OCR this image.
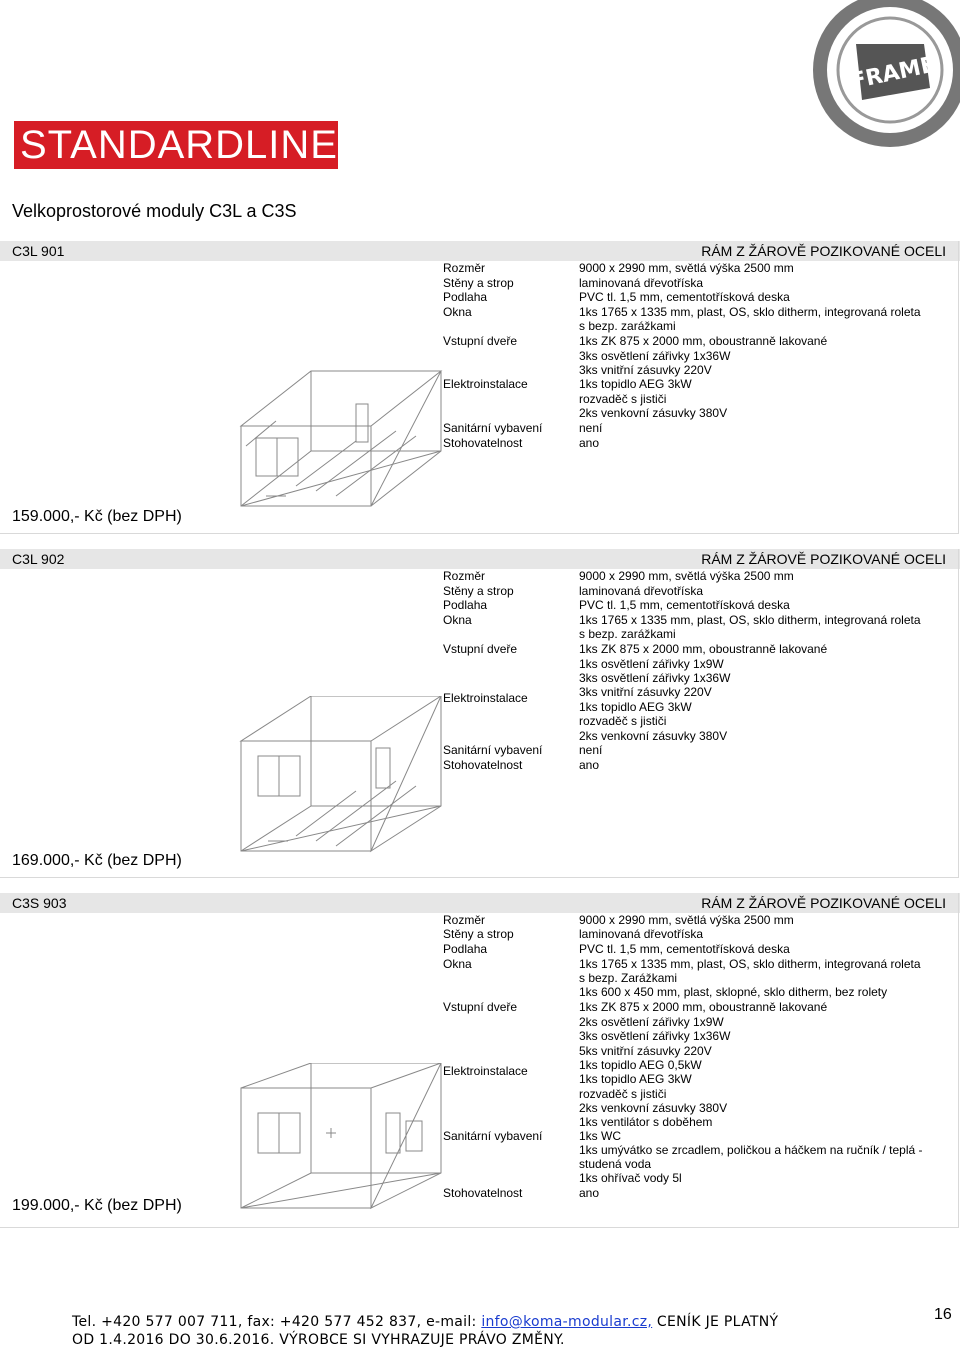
STANDARDLINE
FRAME
Velkoprostorové moduly C3L a C3S
C3L 901	RÁM Z ŽÁROVĚ POZIKOVANÉ OCELI
Rozměr	9000 x 2990 mm, světlá výška 2500 mm
Stěny a strop	laminovaná dřevotříska
Podlaha	PVC tl. 1,5 mm, cementotřísková deska
Okna	1ks 1765 x 1335 mm, plast, OS, sklo ditherm, integrovaná roleta
s bezp. zarážkami
Vstupní dveře	1ks ZK 875 x 2000 mm, oboustranně lakované
3ks osvětlení zářivky 1x36W
3ks vnitřní zásuvky 220V
Elektroinstalace	1ks topidlo AEG 3kW
rozvaděč s jističi
2ks venkovní zásuvky 380V
Sanitární vybavení	není
Stohovatelnost	ano
159.000,- Kč (bez DPH)
C3L 902	RÁM Z ŽÁROVĚ POZIKOVANÉ OCELI
Rozměr	9000 x 2990 mm, světlá výška 2500 mm
Stěny a strop	laminovaná dřevotříska
Podlaha	PVC tl. 1,5 mm, cementotřísková deska
Okna	1ks 1765 x 1335 mm, plast, OS, sklo ditherm, integrovaná roleta
s bezp. zarážkami
Vstupní dveře	1ks ZK 875 x 2000 mm, oboustranně lakované
1ks osvětlení zářivky 1x9W
3ks osvětlení zářivky 1x36W
Elektroinstalace	3ks vnitřní zásuvky 220V
1ks topidlo AEG 3kW
rozvaděč s jističi
2ks venkovní zásuvky 380V
Sanitární vybavení	není
Stohovatelnost	ano
169.000,- Kč (bez DPH)
C3S 903	RÁM Z ŽÁROVĚ POZIKOVANÉ OCELI
Rozměr	9000 x 2990 mm, světlá výška 2500 mm
Stěny a strop	laminovaná dřevotříska
Podlaha	PVC tl. 1,5 mm, cementotřísková deska
Okna	1ks 1765 x 1335 mm, plast, OS, sklo ditherm, integrovaná roleta
s bezp. Zarážkami
1ks 600 x 450 mm, plast, sklopné, sklo ditherm, bez rolety
Vstupní dveře	1ks ZK 875 x 2000 mm, oboustranně lakované
2ks osvětlení zářivky 1x9W
3ks osvětlení zářivky 1x36W
5ks vnitřní zásuvky 220V
Elektroinstalace	1ks topidlo AEG 0,5kW
1ks topidlo AEG 3kW
rozvaděč s jističi
2ks venkovní zásuvky 380V
1ks ventilátor s doběhem
Sanitární vybavení	1ks WC
1ks umývátko se zrcadlem, poličkou a háčkem na ručník / teplá -
studená voda
1ks ohřívač vody 5l
Stohovatelnost	ano
199.000,- Kč (bez DPH)
Tel. +420 577 007 711, fax: +420 577 452 837, e-mail: info@koma-modular.cz, CENÍK JE PLATNÝ
OD 1.4.2016 DO 30.6.2016. VÝROBCE SI VYHRAZUJE PRÁVO ZMĚNY.
16
